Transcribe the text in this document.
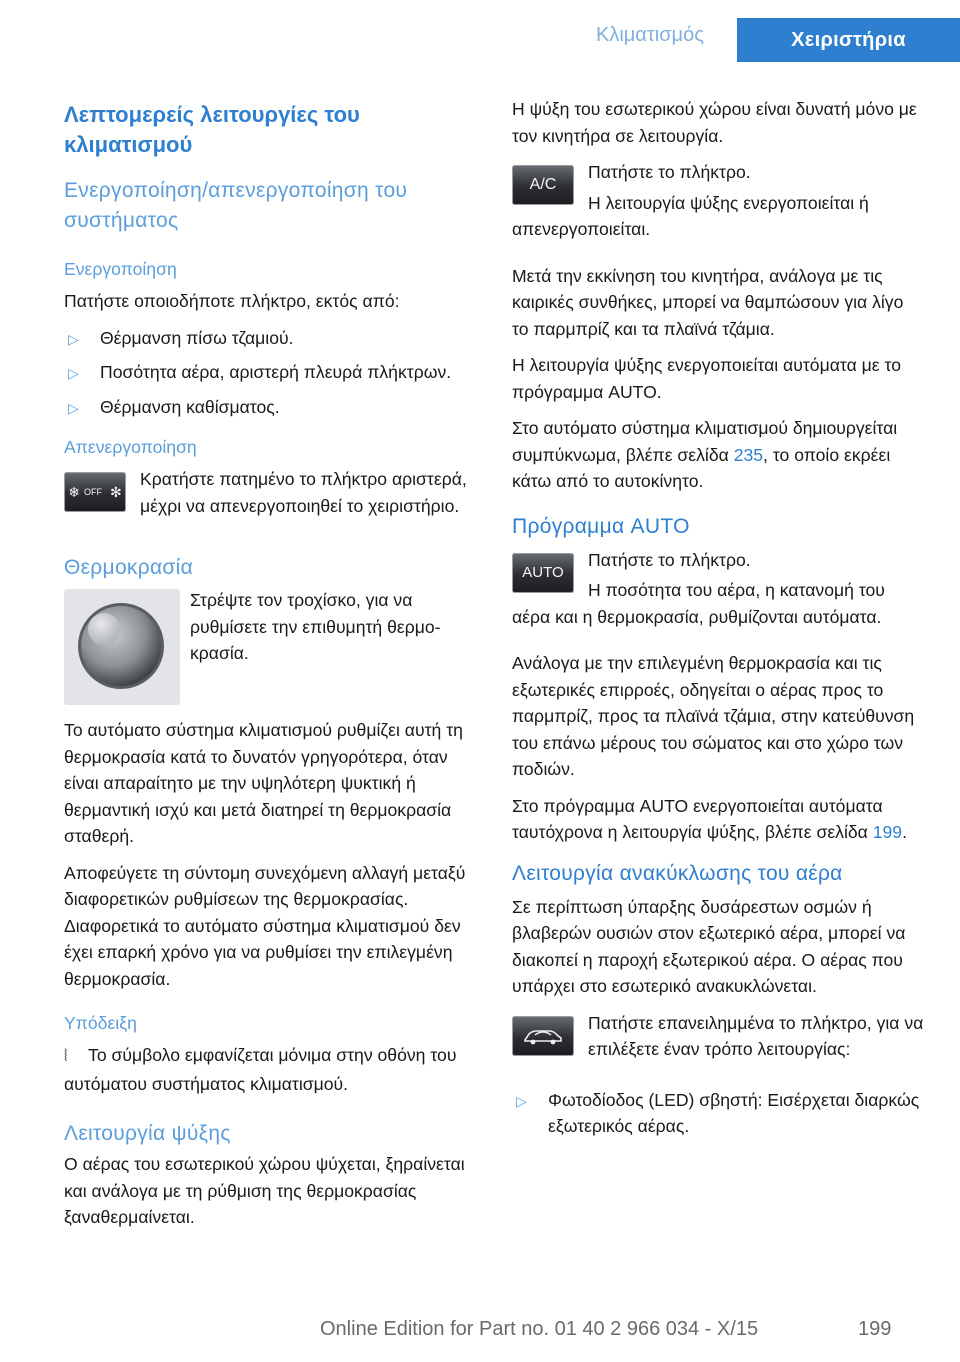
Κλιματισμός	Χειριστήρια
Λεπτομερείς λειτουργίες του κλιματισμού
Ενεργοποίηση/απενεργοποίηση του συστήματος
Ενεργοποίηση

Πατήστε οποιοδήποτε πλήκτρο, εκτός από:

▷ Θέρμανση πίσω τζαμιού.
▷ Ποσότητα αέρα, αριστερή πλευρά πλήκτρων.
▷ Θέρμανση καθίσματος.
Απενεργοποίηση
❄ OFF ✻

Κρατήστε πατημένο το πλήκτρο αριστερά, μέχρι να απενεργοποιηθεί το χειριστήριο.

Θερμοκρασία

Στρέψτε τον τροχίσκο, για να ρυθμίσετε την επιθυμητή θερμοκρασία.

Το αυτόματο σύστημα κλιματισμού ρυθμίζει αυτή τη θερμοκρασία κατά το δυνατόν γρηγορότερα, όταν είναι απαραίτητο με την υψηλότερη ψυκτική ή θερμαντική ισχύ και μετά διατηρεί τη θερμοκρασία σταθερή.

Αποφεύγετε τη σύντομη συνεχόμενη αλλαγή μεταξύ διαφορετικών ρυθμίσεων της θερμοκρασίας. Διαφορετικά το αυτόματο σύστημα κλιματισμού δεν έχει επαρκή χρόνο για να ρυθμίσει την επιλεγμένη θερμοκρασία.

Υπόδειξη

⦚ Το σύμβολο εμφανίζεται μόνιμα στην οθόνη του αυτόματου συστήματος κλιματισμού.

Λειτουργία ψύξης

Ο αέρας του εσωτερικού χώρου ψύχεται, ξηραίνεται και ανάλογα με τη ρύθμιση της θερμοκρασίας ξαναθερμαίνεται.

Η ψύξη του εσωτερικού χώρου είναι δυνατή μόνο με τον κινητήρα σε λειτουργία.

A/C

Πατήστε το πλήκτρο.

Η λειτουργία ψύξης ενεργοποιείται ή απενεργοποιείται.

Μετά την εκκίνηση του κινητήρα, ανάλογα με τις καιρικές συνθήκες, μπορεί να θαμπώσουν για λίγο το παρμπρίζ και τα πλαϊνά τζάμια.

Η λειτουργία ψύξης ενεργοποιείται αυτόματα με το πρόγραμμα AUTO.

Στο αυτόματο σύστημα κλιματισμού δημιουργείται συμπύκνωμα, βλέπε σελίδα 235, το οποίο εκρέει κάτω από το αυτοκίνητο.

Πρόγραμμα AUTO
AUTO

Πατήστε το πλήκτρο.

Η ποσότητα του αέρα, η κατανομή του αέρα και η θερμοκρασία, ρυθμίζονται αυτόματα.

Ανάλογα με την επιλεγμένη θερμοκρασία και τις εξωτερικές επιρροές, οδηγείται ο αέρας προς το παρμπρίζ, προς τα πλαϊνά τζάμια, στην κατεύθυνση του επάνω μέρους του σώματος και στο χώρο των ποδιών.

Στο πρόγραμμα AUTO ενεργοποιείται αυτόματα ταυτόχρονα η λειτουργία ψύξης, βλέπε σελίδα 199.

Λειτουργία ανακύκλωσης του αέρα

Σε περίπτωση ύπαρξης δυσάρεστων οσμών ή βλαβερών ουσιών στον εξωτερικό αέρα, μπορεί να διακοπεί η παροχή εξωτερικού αέρα. Ο αέρας που υπάρχει στο εσωτερικό ανακυκλώνεται.

Πατήστε επανειλημμένα το πλήκτρο, για να επιλέξετε έναν τρόπο λειτουργίας:

▷ Φωτοδίοδος (LED) σβηστή: Εισέρχεται διαρκώς εξωτερικός αέρας.
Online Edition for Part no. 01 40 2 966 034 - X/15	199
